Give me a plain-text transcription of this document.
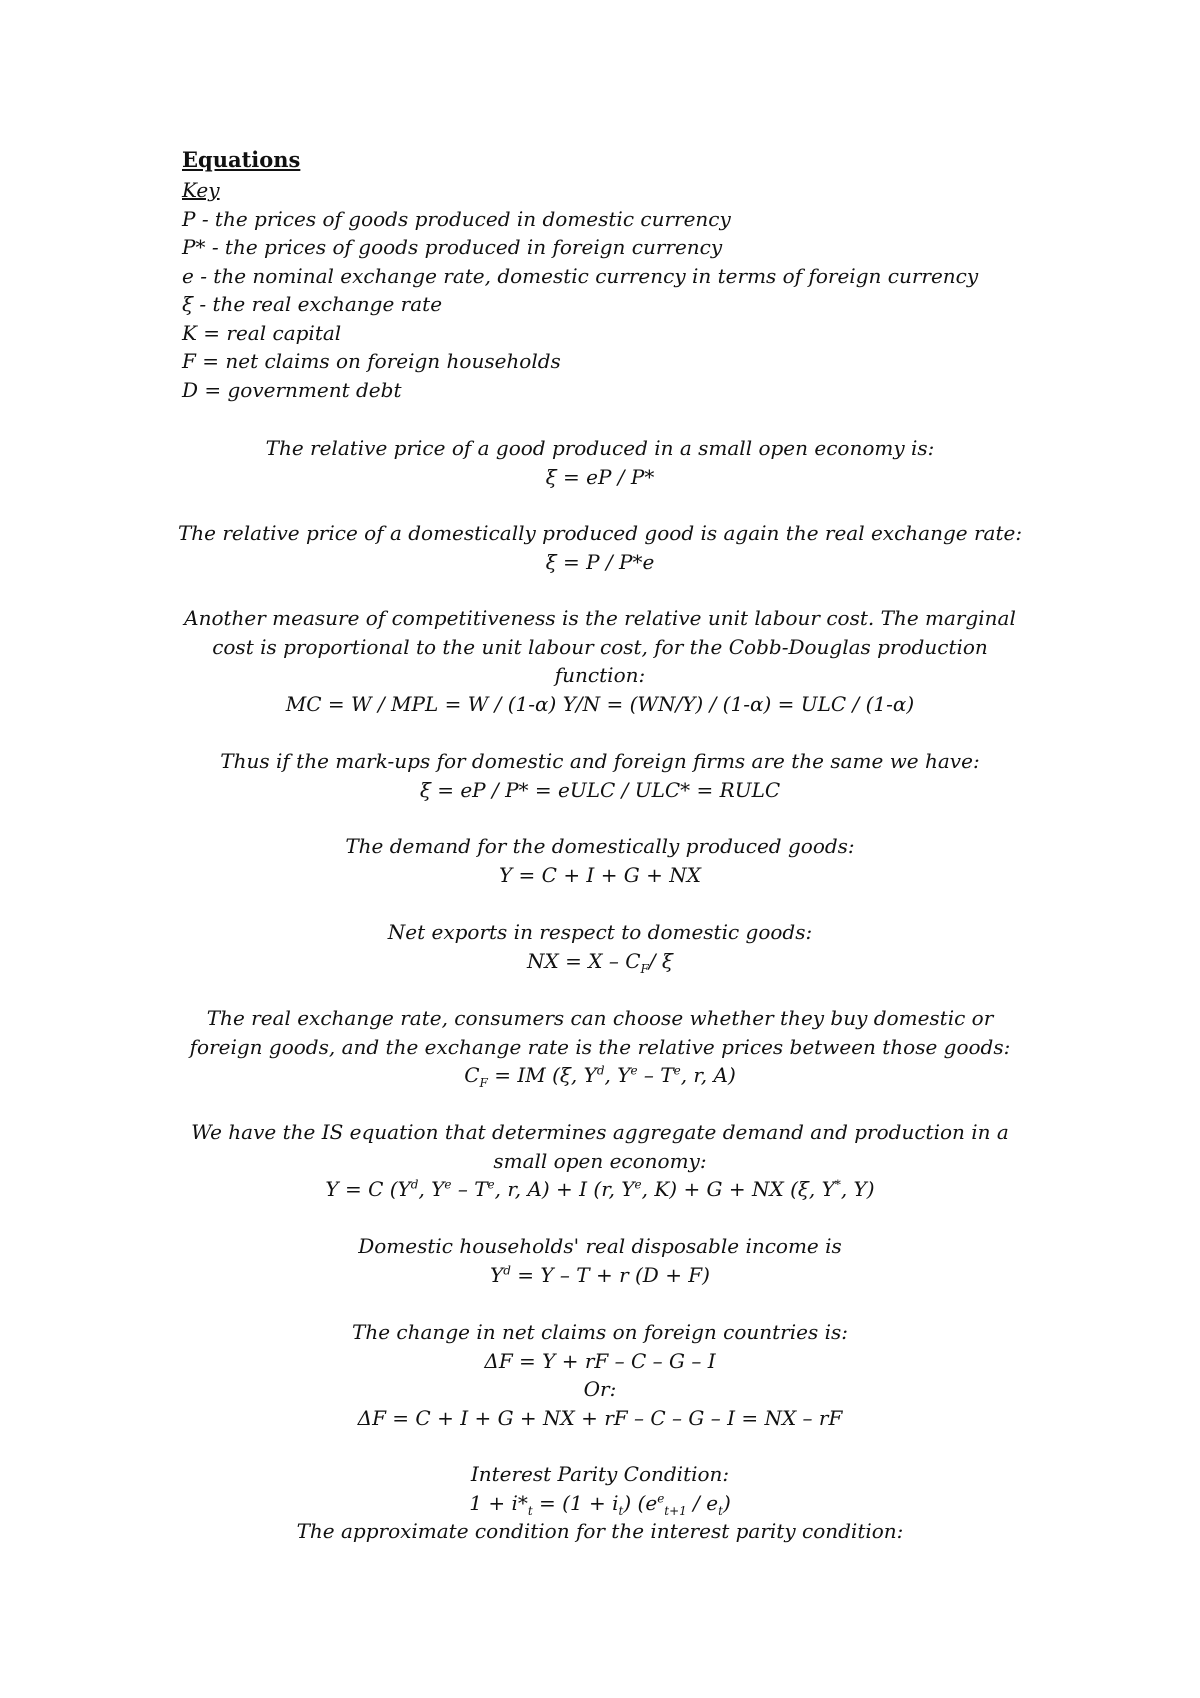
Equations
Key
P - the prices of goods produced in domestic currency
P* - the prices of goods produced in foreign currency
e - the nominal exchange rate, domestic currency in terms of foreign currency
ξ - the real exchange rate
K = real capital
F = net claims on foreign households
D = government debt
The relative price of a good produced in a small open economy is:
ξ = eP / P*
The relative price of a domestically produced good is again the real exchange rate:
ξ = P / P*e
Another measure of competitiveness is the relative unit labour cost. The marginal
cost is proportional to the unit labour cost, for the Cobb-Douglas production
function:
MC = W / MPL = W / (1-α) Y/N = (WN/Y) / (1-α) = ULC / (1-α)
Thus if the mark-ups for domestic and foreign firms are the same we have:
ξ = eP / P* = eULC / ULC* = RULC
The demand for the domestically produced goods:
Y = C + I + G + NX
Net exports in respect to domestic goods:
NX = X – $C_F/$ ξ
The real exchange rate, consumers can choose whether they buy domestic or
foreign goods, and the exchange rate is the relative prices between those goods:
$C_F$ = IM (ξ, $Y^d$, $Y^e - T^e$, r, A)
We have the IS equation that determines aggregate demand and production in a
small open economy:
Y = C ($Y^d$, $Y^e - T^e$, r, A) + I (r, $Y^e$, K) + G + NX (ξ, Y*, Y)
Domestic households' real disposable income is
$Y^d = Y - T + r$ (D + F)
The change in net claims on foreign countries is:
ΔF = Y + rF – C – G – I
Or:
ΔF = C + I + G + NX + rF – C – G – I = NX – rF
Interest Parity Condition:
$1 + i*_t = (1 + i_t)$ $(e^e_{t+1} / e_t)$
The approximate condition for the interest parity condition:
